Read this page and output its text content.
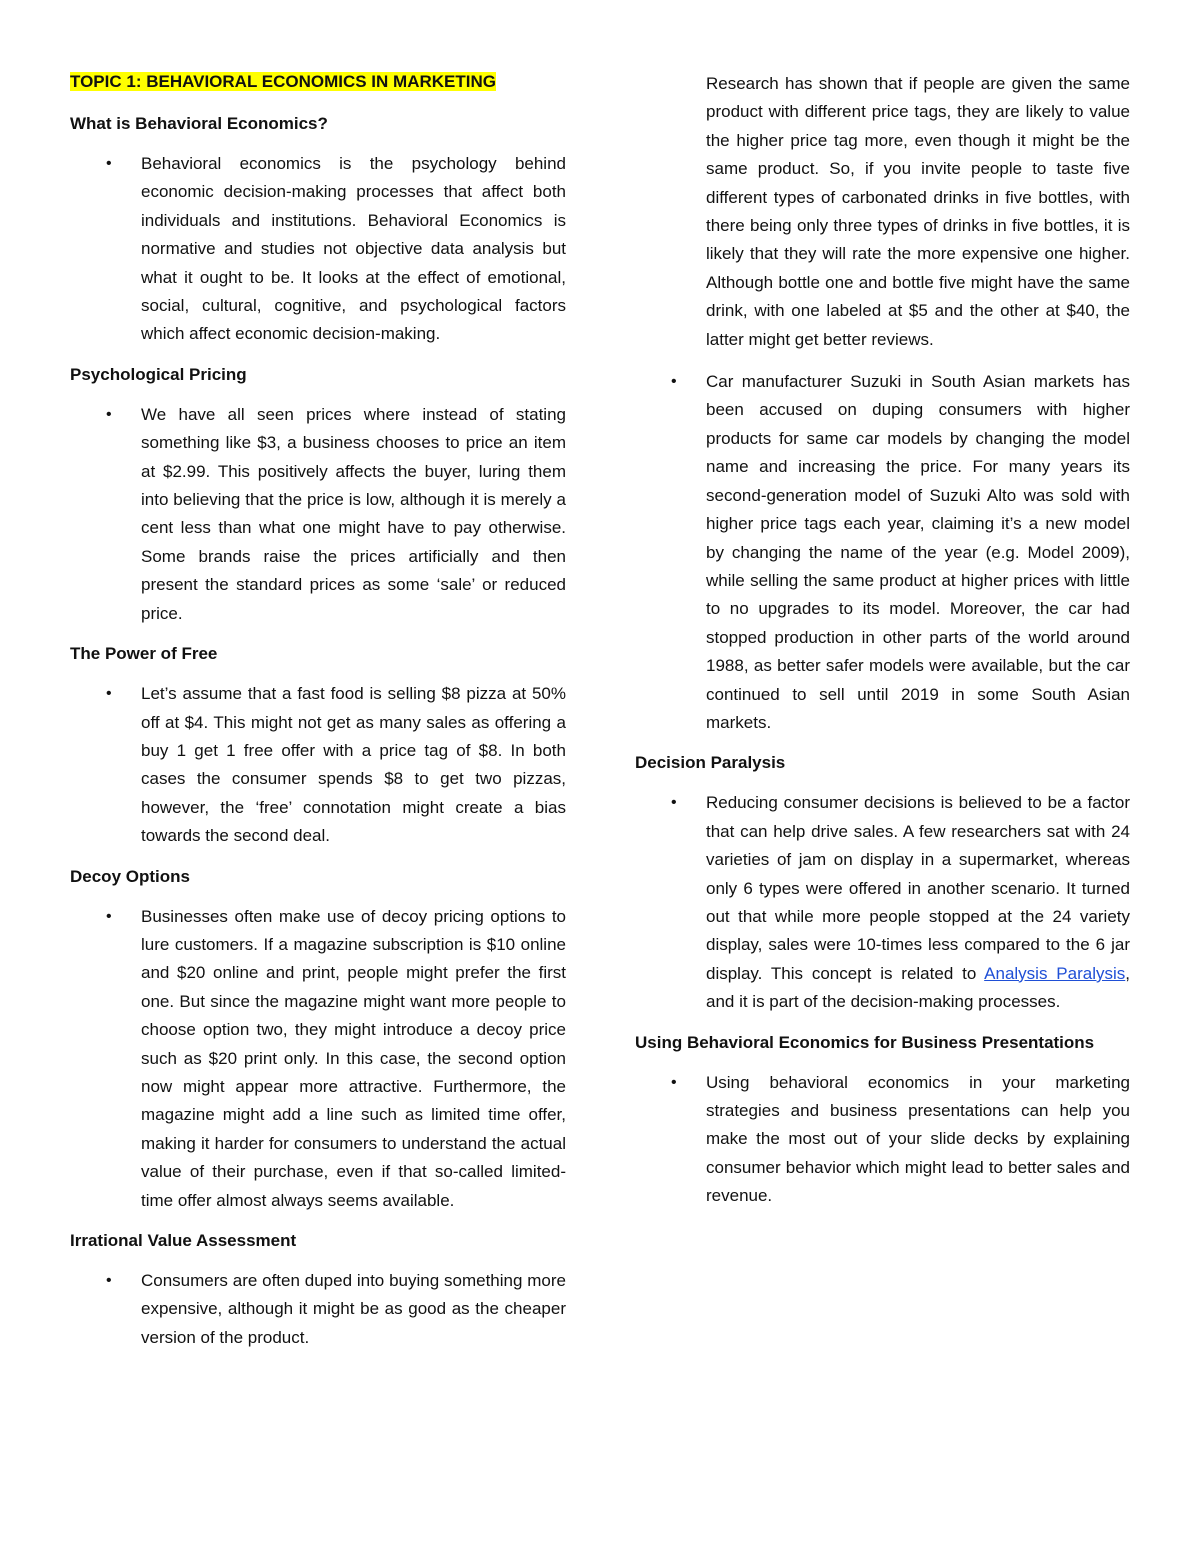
TOPIC 1: BEHAVIORAL ECONOMICS IN MARKETING
What is Behavioral Economics?
• Behavioral economics is the psychology behind economic decision-making processes that affect both individuals and institutions. Behavioral Economics is normative and studies not objective data analysis but what it ought to be. It looks at the effect of emotional, social, cultural, cognitive, and psychological factors which affect economic decision-making.

Psychological Pricing
• We have all seen prices where instead of stating something like $3, a business chooses to price an item at $2.99. This positively affects the buyer, luring them into believing that the price is low, although it is merely a cent less than what one might have to pay otherwise. Some brands raise the prices artificially and then present the standard prices as some ‘sale’ or reduced price.

The Power of Free
• Let’s assume that a fast food is selling $8 pizza at 50% off at $4. This might not get as many sales as offering a buy 1 get 1 free offer with a price tag of $8. In both cases the consumer spends $8 to get two pizzas, however, the ‘free’ connotation might create a bias towards the second deal.

Decoy Options
• Businesses often make use of decoy pricing options to lure customers. If a magazine subscription is $10 online and $20 online and print, people might prefer the first one. But since the magazine might want more people to choose option two, they might introduce a decoy price such as $20 print only. In this case, the second option now might appear more attractive. Furthermore, the magazine might add a line such as limited time offer, making it harder for consumers to understand the actual value of their purchase, even if that so-called limited-time offer almost always seems available.

Irrational Value Assessment
• Consumers are often duped into buying something more expensive, although it might be as good as the cheaper version of the product.

Research has shown that if people are given the same product with different price tags, they are likely to value the higher price tag more, even though it might be the same product. So, if you invite people to taste five different types of carbonated drinks in five bottles, with there being only three types of drinks in five bottles, it is likely that they will rate the more expensive one higher. Although bottle one and bottle five might have the same drink, with one labeled at $5 and the other at $40, the latter might get better reviews.

• Car manufacturer Suzuki in South Asian markets has been accused on duping consumers with higher products for same car models by changing the model name and increasing the price. For many years its second-generation model of Suzuki Alto was sold with higher price tags each year, claiming it’s a new model by changing the name of the year (e.g. Model 2009), while selling the same product at higher prices with little to no upgrades to its model. Moreover, the car had stopped production in other parts of the world around 1988, as better safer models were available, but the car continued to sell until 2019 in some South Asian markets.

Decision Paralysis
• Reducing consumer decisions is believed to be a factor that can help drive sales. A few researchers sat with 24 varieties of jam on display in a supermarket, whereas only 6 types were offered in another scenario. It turned out that while more people stopped at the 24 variety display, sales were 10-times less compared to the 6 jar display. This concept is related to Analysis Paralysis, and it is part of the decision-making processes.

Using Behavioral Economics for Business Presentations
• Using behavioral economics in your marketing strategies and business presentations can help you make the most out of your slide decks by explaining consumer behavior which might lead to better sales and revenue.
